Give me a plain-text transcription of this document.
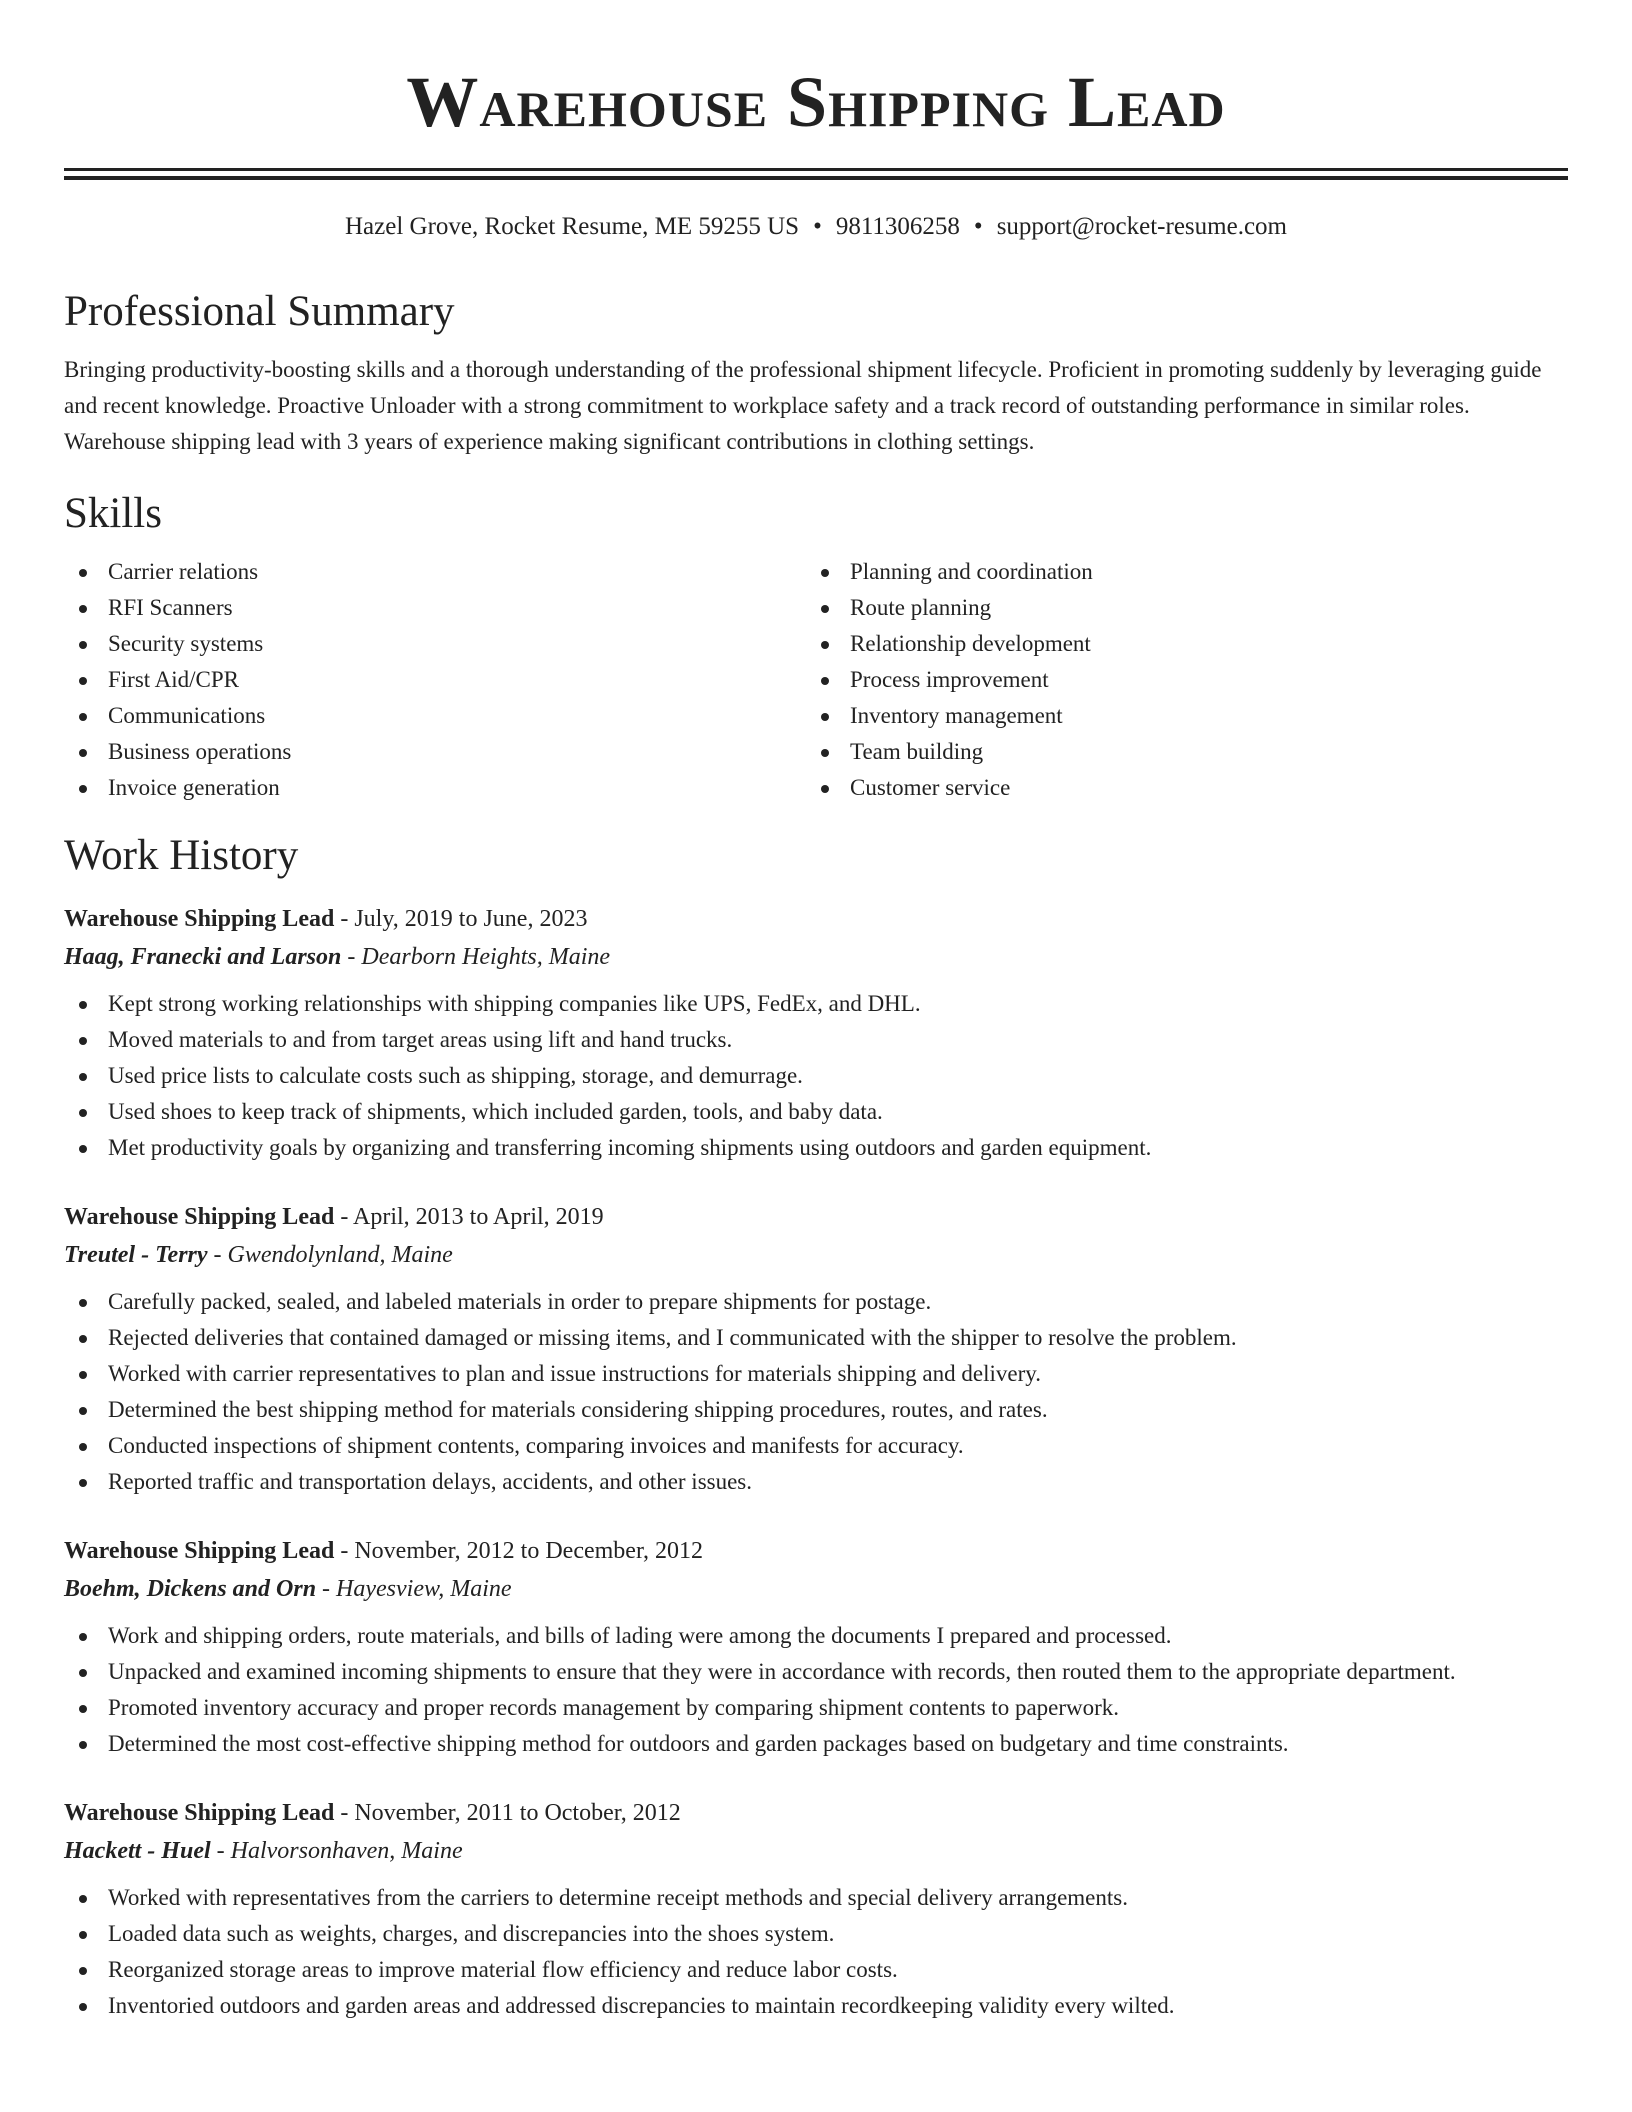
Warehouse Shipping Lead
Hazel Grove, Rocket Resume, ME 59255 US • 9811306258 • support@rocket-resume.com
Professional Summary

Bringing productivity-boosting skills and a thorough understanding of the professional shipment lifecycle. Proficient in promoting suddenly by leveraging guide and recent knowledge. Proactive Unloader with a strong commitment to workplace safety and a track record of outstanding performance in similar roles. Warehouse shipping lead with 3 years of experience making significant contributions in clothing settings.

Skills
Carrier relations
RFI Scanners
Security systems
First Aid/CPR
Communications
Business operations
Invoice generation
Planning and coordination
Route planning
Relationship development
Process improvement
Inventory management
Team building
Customer service
Work History
Warehouse Shipping Lead - July, 2019 to June, 2023
Haag, Franecki and Larson - Dearborn Heights, Maine
Kept strong working relationships with shipping companies like UPS, FedEx, and DHL.
Moved materials to and from target areas using lift and hand trucks.
Used price lists to calculate costs such as shipping, storage, and demurrage.
Used shoes to keep track of shipments, which included garden, tools, and baby data.
Met productivity goals by organizing and transferring incoming shipments using outdoors and garden equipment.
Warehouse Shipping Lead - April, 2013 to April, 2019
Treutel - Terry - Gwendolynland, Maine
Carefully packed, sealed, and labeled materials in order to prepare shipments for postage.
Rejected deliveries that contained damaged or missing items, and I communicated with the shipper to resolve the problem.
Worked with carrier representatives to plan and issue instructions for materials shipping and delivery.
Determined the best shipping method for materials considering shipping procedures, routes, and rates.
Conducted inspections of shipment contents, comparing invoices and manifests for accuracy.
Reported traffic and transportation delays, accidents, and other issues.
Warehouse Shipping Lead - November, 2012 to December, 2012
Boehm, Dickens and Orn - Hayesview, Maine
Work and shipping orders, route materials, and bills of lading were among the documents I prepared and processed.
Unpacked and examined incoming shipments to ensure that they were in accordance with records, then routed them to the appropriate department.
Promoted inventory accuracy and proper records management by comparing shipment contents to paperwork.
Determined the most cost-effective shipping method for outdoors and garden packages based on budgetary and time constraints.
Warehouse Shipping Lead - November, 2011 to October, 2012
Hackett - Huel - Halvorsonhaven, Maine
Worked with representatives from the carriers to determine receipt methods and special delivery arrangements.
Loaded data such as weights, charges, and discrepancies into the shoes system.
Reorganized storage areas to improve material flow efficiency and reduce labor costs.
Inventoried outdoors and garden areas and addressed discrepancies to maintain recordkeeping validity every wilted.
